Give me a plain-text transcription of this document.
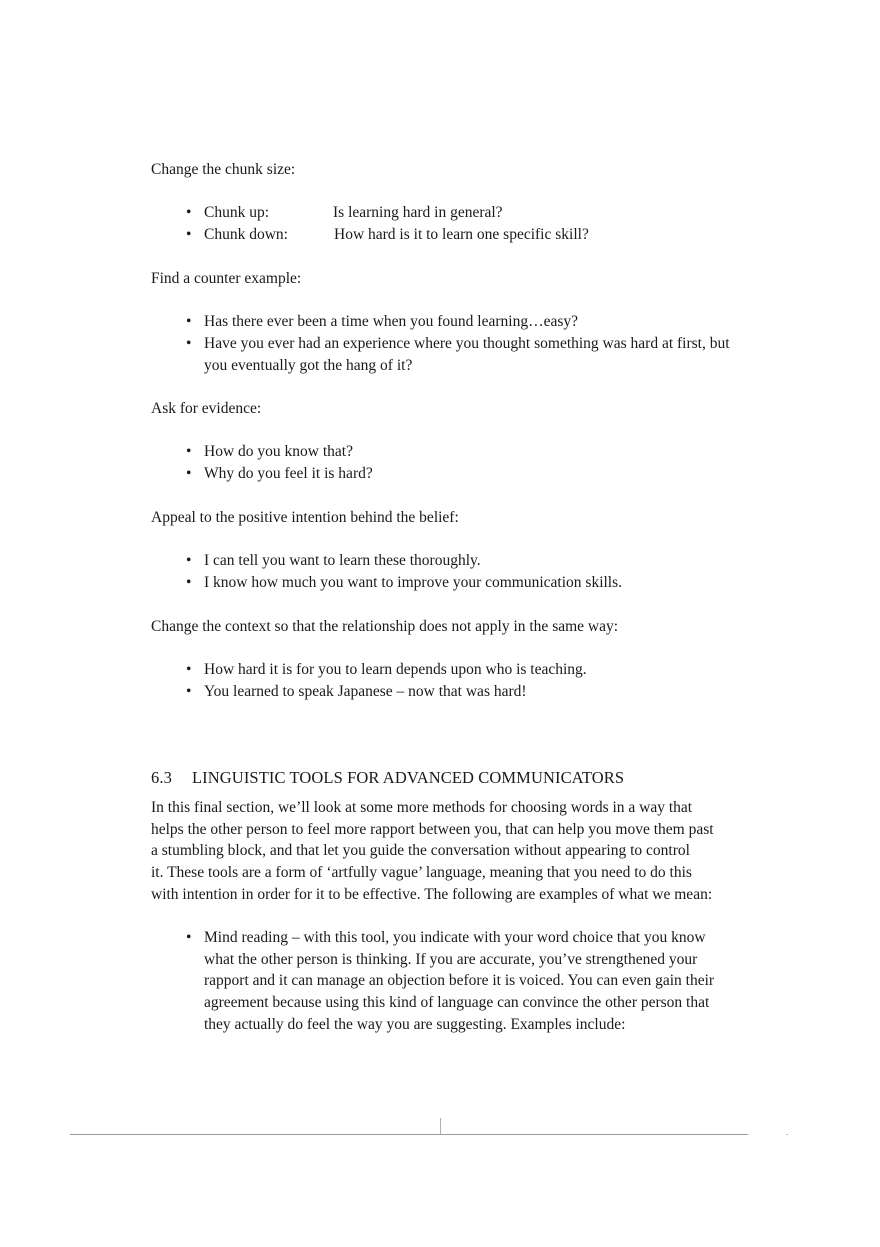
Change the chunk size:
• Chunk up:	Is learning hard in general?
• Chunk down:	How hard is it to learn one specific skill?
Find a counter example:
• Has there ever been a time when you found learning…easy?
• Have you ever had an experience where you thought something was hard at first, but
you eventually got the hang of it?
Ask for evidence:
• How do you know that?
• Why do you feel it is hard?
Appeal to the positive intention behind the belief:
• I can tell you want to learn these thoroughly.
• I know how much you want to improve your communication skills.
Change the context so that the relationship does not apply in the same way:
• How hard it is for you to learn depends upon who is teaching.
• You learned to speak Japanese – now that was hard!
6.3 LINGUISTIC TOOLS FOR ADVANCED COMMUNICATORS
In this final section, we’ll look at some more methods for choosing words in a way that
helps the other person to feel more rapport between you, that can help you move them past
a stumbling block, and that let you guide the conversation without appearing to control
it. These tools are a form of ‘artfully vague’ language, meaning that you need to do this
with intention in order for it to be effective. The following are examples of what we mean:
• Mind reading – with this tool, you indicate with your word choice that you know
what the other person is thinking. If you are accurate, you’ve strengthened your
rapport and it can manage an objection before it is voiced. You can even gain their
agreement because using this kind of language can convince the other person that
they actually do feel the way you are suggesting. Examples include:
